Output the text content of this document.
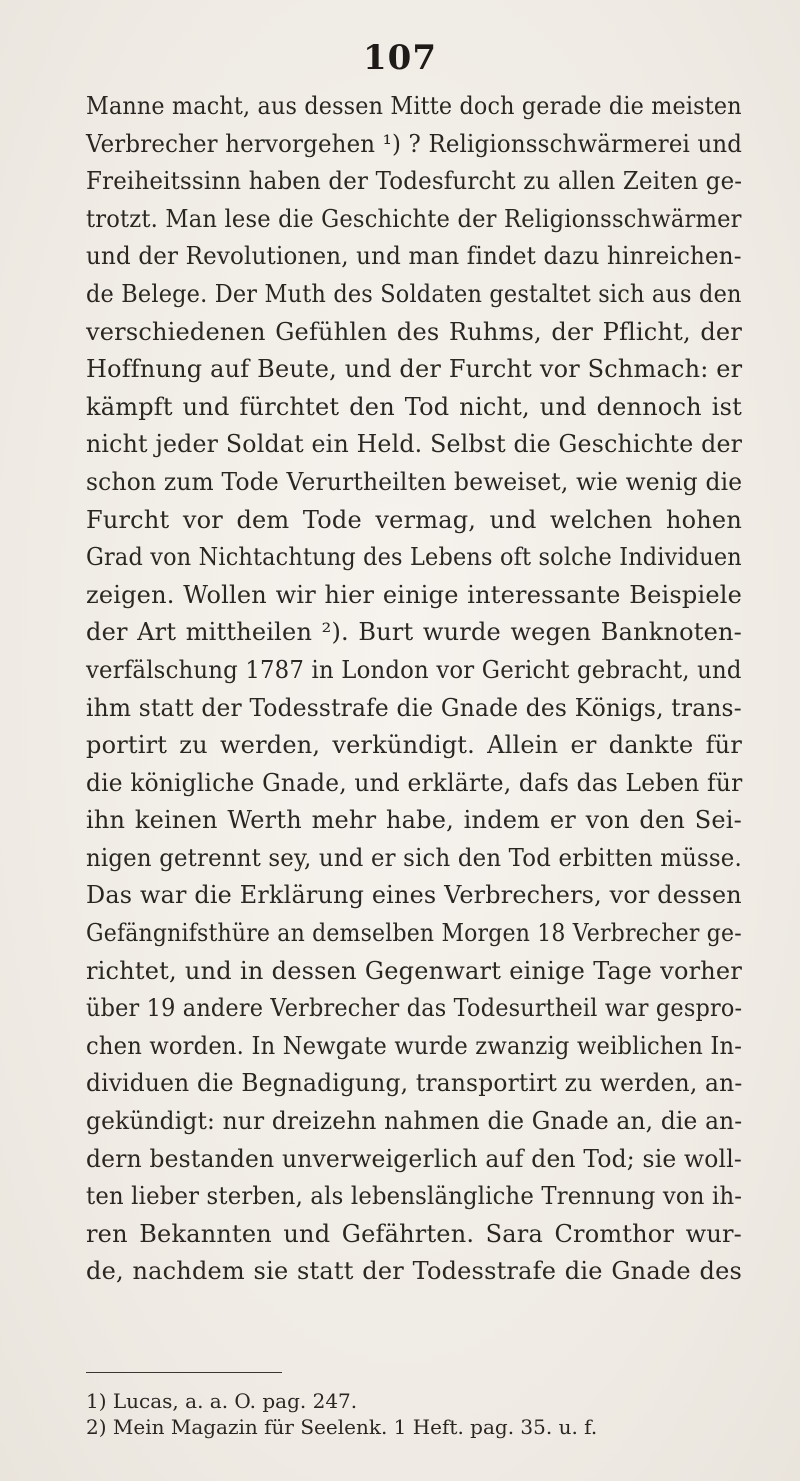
107
Manne macht, aus dessen Mitte doch gerade die meisten
Verbrecher hervorgehen ¹) ? Religionsschwärmerei und
Freiheitssinn haben der Todesfurcht zu allen Zeiten ge-
trotzt. Man lese die Geschichte der Religionsschwärmer
und der Revolutionen, und man findet dazu hinreichen-
de Belege. Der Muth des Soldaten gestaltet sich aus den
verschiedenen Gefühlen des Ruhms, der Pflicht, der
Hoffnung auf Beute, und der Furcht vor Schmach: er
kämpft und fürchtet den Tod nicht, und dennoch ist
nicht jeder Soldat ein Held. Selbst die Geschichte der
schon zum Tode Verurtheilten beweiset, wie wenig die
Furcht vor dem Tode vermag, und welchen hohen
Grad von Nichtachtung des Lebens oft solche Individuen
zeigen. Wollen wir hier einige interessante Beispiele
der Art mittheilen ²). Burt wurde wegen Banknoten-
verfälschung 1787 in London vor Gericht gebracht, und
ihm statt der Todesstrafe die Gnade des Königs, trans-
portirt zu werden, verkündigt. Allein er dankte für
die königliche Gnade, und erklärte, dafs das Leben für
ihn keinen Werth mehr habe, indem er von den Sei-
nigen getrennt sey, und er sich den Tod erbitten müsse.
Das war die Erklärung eines Verbrechers, vor dessen
Gefängnifsthüre an demselben Morgen 18 Verbrecher ge-
richtet, und in dessen Gegenwart einige Tage vorher
über 19 andere Verbrecher das Todesurtheil war gespro-
chen worden. In Newgate wurde zwanzig weiblichen In-
dividuen die Begnadigung, transportirt zu werden, an-
gekündigt: nur dreizehn nahmen die Gnade an, die an-
dern bestanden unverweigerlich auf den Tod; sie woll-
ten lieber sterben, als lebenslängliche Trennung von ih-
ren Bekannten und Gefährten. Sara Cromthor wur-
de, nachdem sie statt der Todesstrafe die Gnade des
1) Lucas, a. a. O. pag. 247.
2) Mein Magazin für Seelenk. 1 Heft. pag. 35. u. f.
